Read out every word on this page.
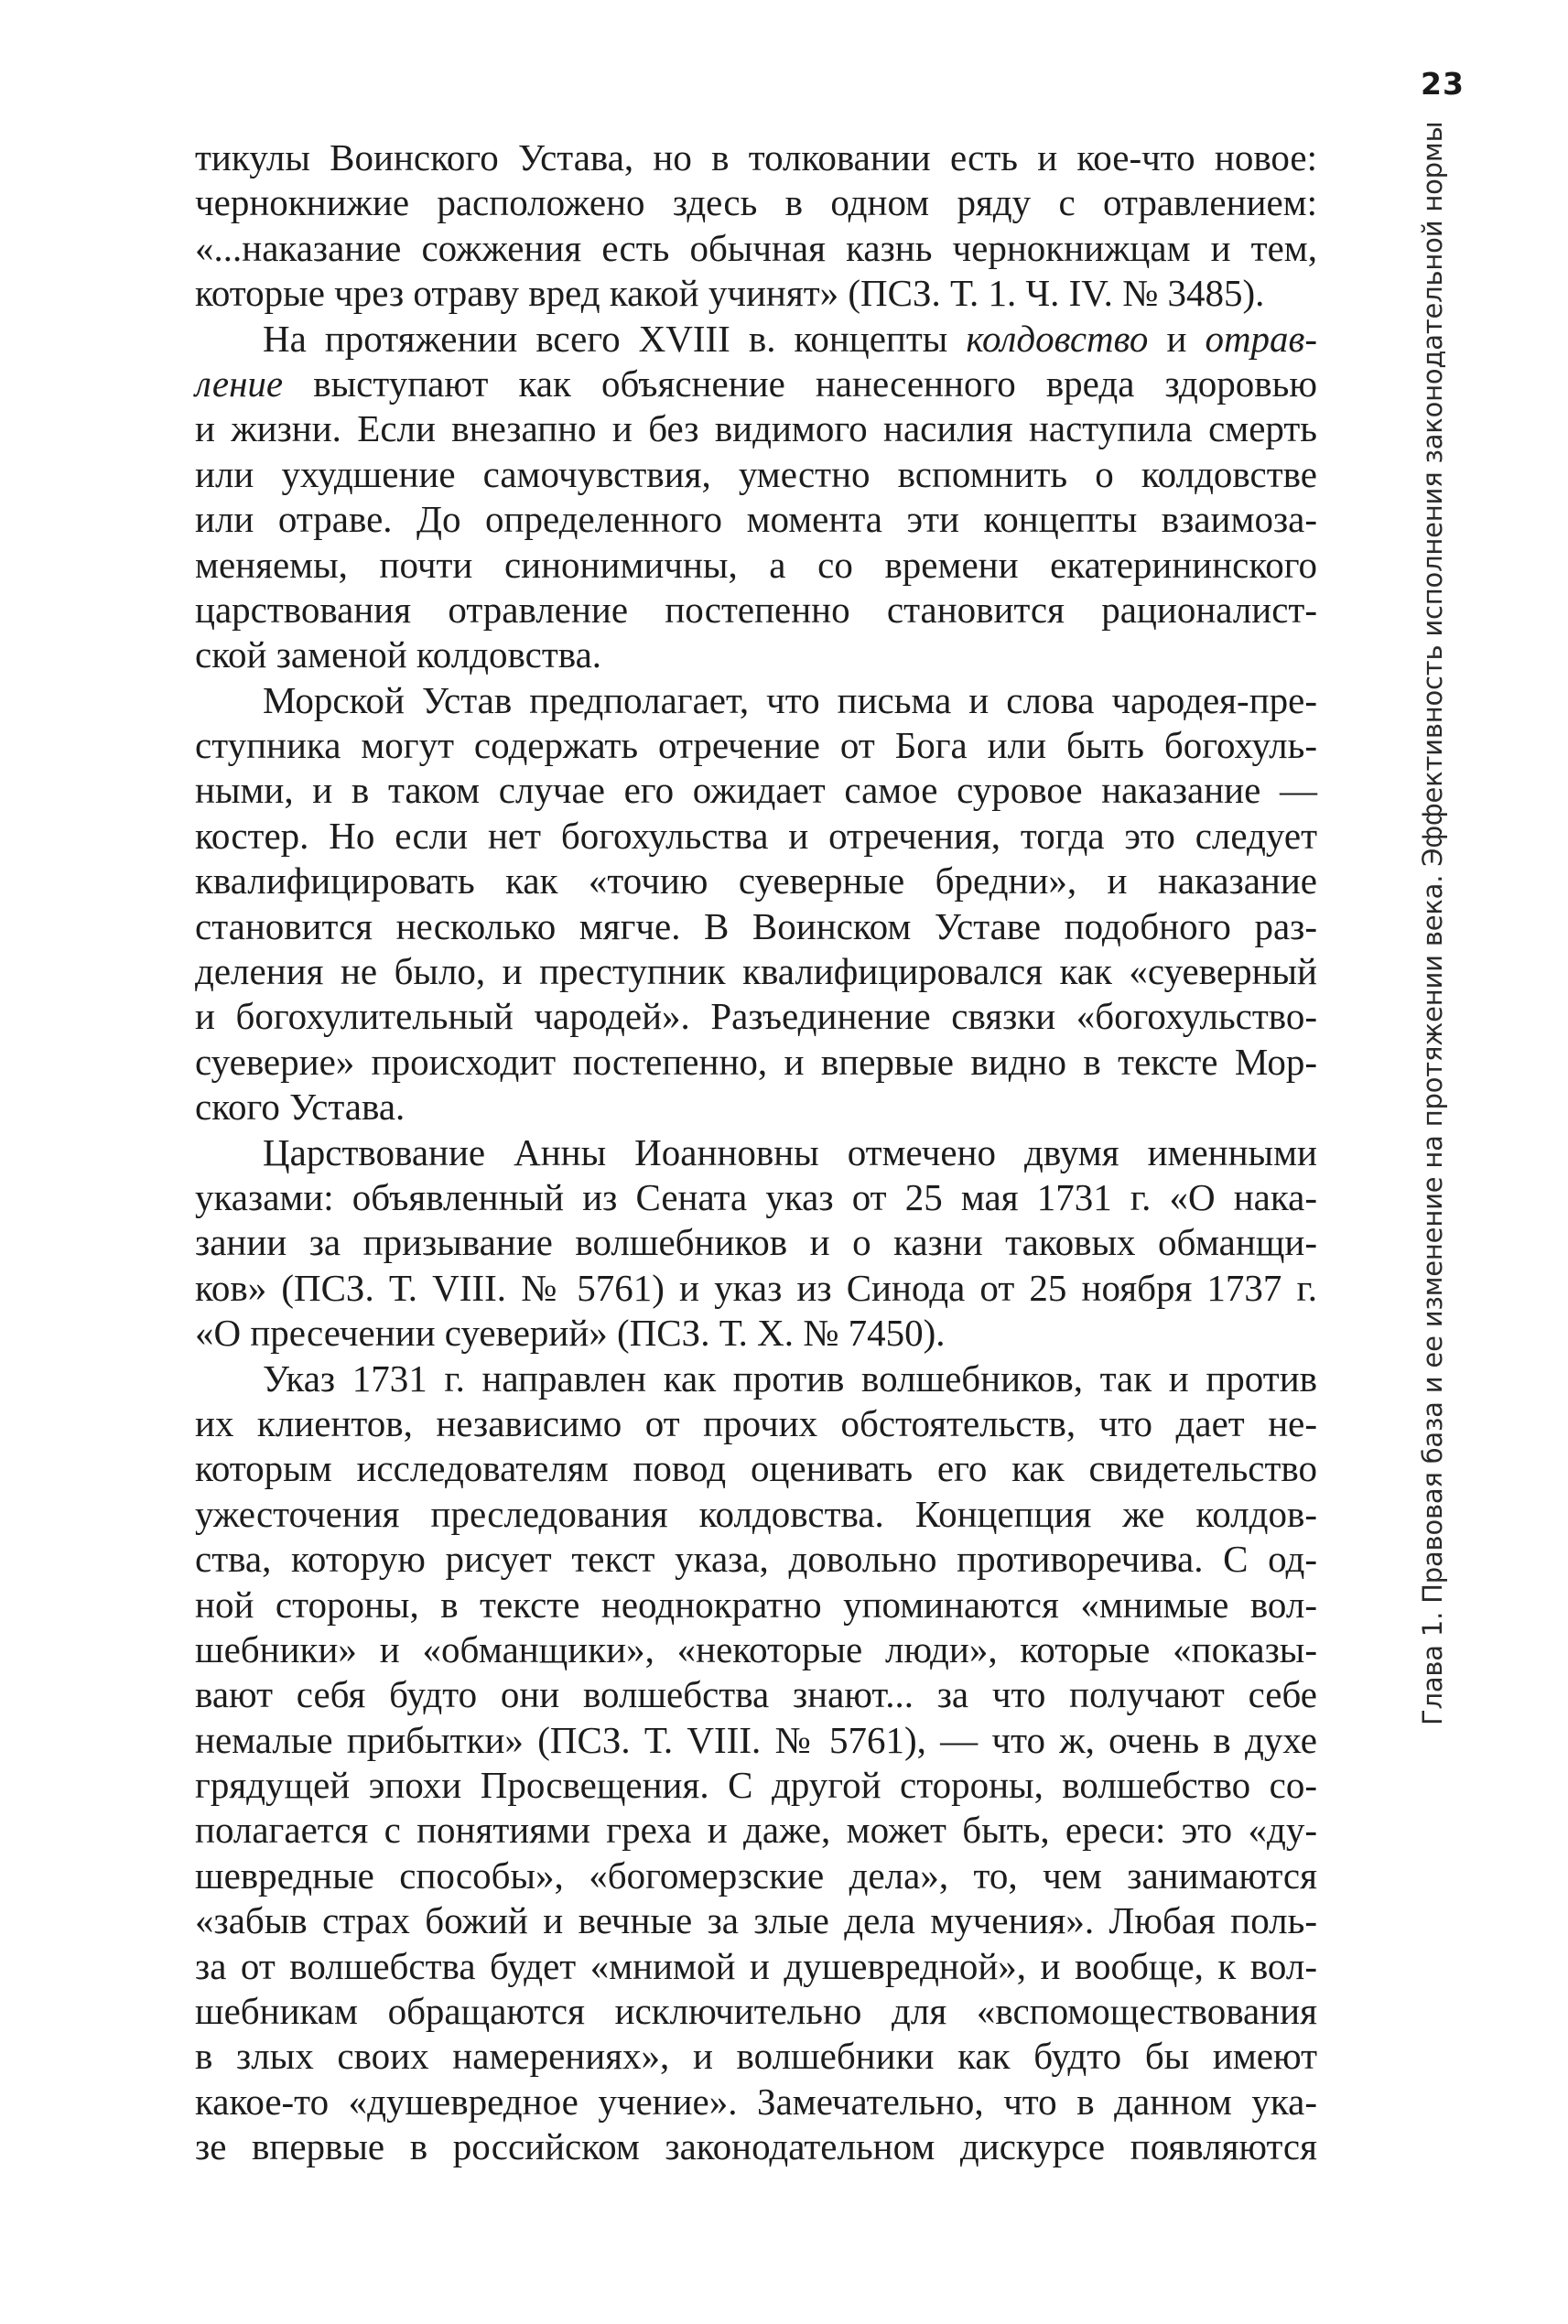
23
Глава 1. Правовая база и ее изменение на протяжении века. Эффективность исполнения законодательной нормы
тикулы Воинского Устава, но в толковании есть и кое-что новое:
чернокнижие расположено здесь в одном ряду с отравлением:
«...наказание сожжения есть обычная казнь чернокнижцам и тем,
которые чрез отраву вред какой учинят» (ПСЗ. Т. 1. Ч. IV. № 3485).
На протяжении всего XVIII в. концепты колдовство и отрав-
ление выступают как объяснение нанесенного вреда здоровью
и жизни. Если внезапно и без видимого насилия наступила смерть
или ухудшение самочувствия, уместно вспомнить о колдовстве
или отраве. До определенного момента эти концепты взаимоза-
меняемы, почти синонимичны, а со времени екатерининского
царствования отравление постепенно становится рационалист-
ской заменой колдовства.
Морской Устав предполагает, что письма и слова чародея-пре-
ступника могут содержать отречение от Бога или быть богохуль-
ными, и в таком случае его ожидает самое суровое наказание —
костер. Но если нет богохульства и отречения, тогда это следует
квалифицировать как «точию суеверные бредни», и наказание
становится несколько мягче. В Воинском Уставе подобного раз-
деления не было, и преступник квалифицировался как «суеверный
и богохулительный чародей». Разъединение связки «богохульство-
суеверие» происходит постепенно, и впервые видно в тексте Мор-
ского Устава.
Царствование Анны Иоанновны отмечено двумя именными
указами: объявленный из Сената указ от 25 мая 1731 г. «О нака-
зании за призывание волшебников и о казни таковых обманщи-
ков» (ПСЗ. Т. VIII. № 5761) и указ из Синода от 25 ноября 1737 г.
«О пресечении суеверий» (ПСЗ. Т. X. № 7450).
Указ 1731 г. направлен как против волшебников, так и против
их клиентов, независимо от прочих обстоятельств, что дает не-
которым исследователям повод оценивать его как свидетельство
ужесточения преследования колдовства. Концепция же колдов-
ства, которую рисует текст указа, довольно противоречива. С од-
ной стороны, в тексте неоднократно упоминаются «мнимые вол-
шебники» и «обманщики», «некоторые люди», которые «показы-
вают себя будто они волшебства знают... за что получают себе
немалые прибытки» (ПСЗ. Т. VIII. № 5761), — что ж, очень в духе
грядущей эпохи Просвещения. С другой стороны, волшебство со-
полагается с понятиями греха и даже, может быть, ереси: это «ду-
шевредные способы», «богомерзские дела», то, чем занимаются
«забыв страх божий и вечные за злые дела мучения». Любая поль-
за от волшебства будет «мнимой и душевредной», и вообще, к вол-
шебникам обращаются исключительно для «вспомоществования
в злых своих намерениях», и волшебники как будто бы имеют
какое-то «душевредное учение». Замечательно, что в данном ука-
зе впервые в российском законодательном дискурсе появляются
